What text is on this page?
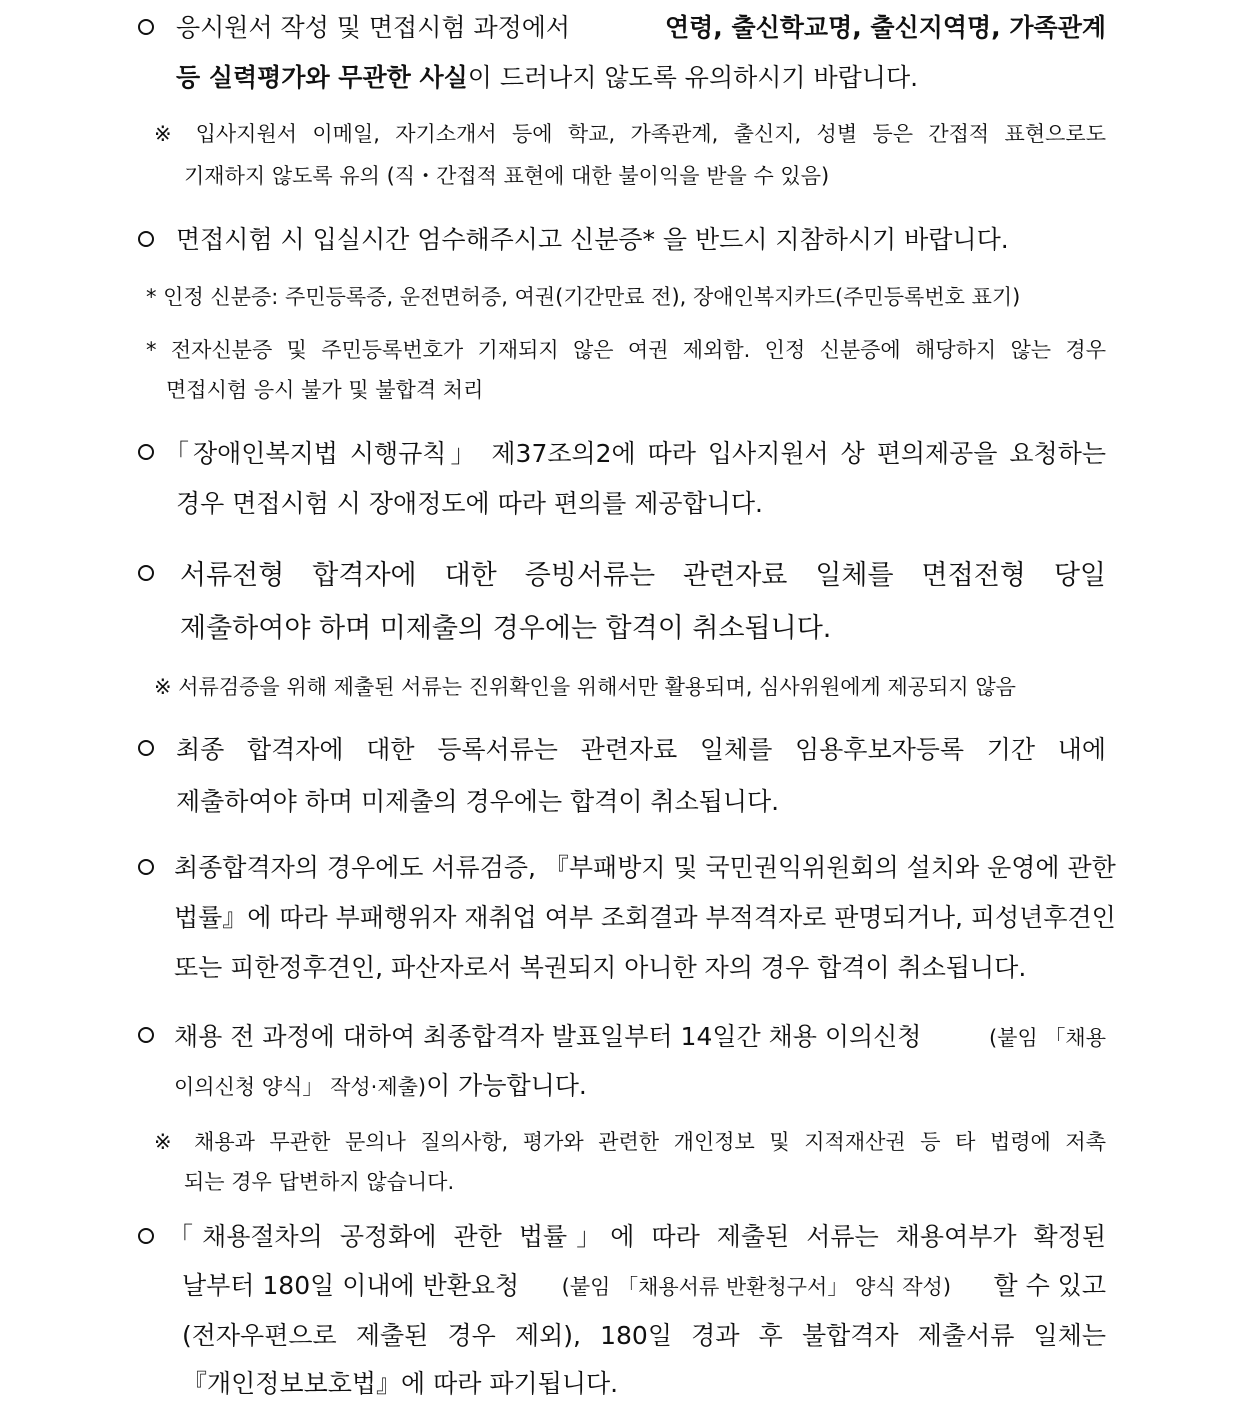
응시원서 작성 및 면접시험 과정에서	연령, 출신학교명, 출신지역명, 가족관계
등 실력평가와 무관한 사실이 드러나지 않도록 유의하시기 바랍니다.
※ 입사지원서 이메일, 자기소개서 등에 학교, 가족관계, 출신지, 성별 등은 간접적 표현으로도
기재하지 않도록 유의 (직・간접적 표현에 대한 불이익을 받을 수 있음)
면접시험 시 입실시간 엄수해주시고 신분증* 을 반드시 지참하시기 바랍니다.
* 인정 신분증: 주민등록증, 운전면허증, 여권(기간만료 전), 장애인복지카드(주민등록번호 표기)
* 전자신분증 및 주민등록번호가 기재되지 않은 여권 제외함. 인정 신분증에 해당하지 않는 경우
면접시험 응시 불가 및 불합격 처리
「장애인복지법 시행규칙」 제37조의2에 따라 입사지원서 상 편의제공을 요청하는
경우 면접시험 시 장애정도에 따라 편의를 제공합니다.
서류전형 합격자에 대한 증빙서류는 관련자료 일체를 면접전형 당일
제출하여야 하며 미제출의 경우에는 합격이 취소됩니다.
※ 서류검증을 위해 제출된 서류는 진위확인을 위해서만 활용되며, 심사위원에게 제공되지 않음
최종 합격자에 대한 등록서류는 관련자료 일체를 임용후보자등록 기간 내에
제출하여야 하며 미제출의 경우에는 합격이 취소됩니다.
최종합격자의 경우에도 서류검증, 『부패방지 및 국민권익위원회의 설치와 운영에 관한
법률』에 따라 부패행위자 재취업 여부 조회결과 부적격자로 판명되거나, 피성년후견인
또는 피한정후견인, 파산자로서 복권되지 아니한 자의 경우 합격이 취소됩니다.
채용 전 과정에 대하여 최종합격자 발표일부터 14일간 채용 이의신청	(붙임 「채용
이의신청 양식」 작성·제출)이 가능합니다.
※ 채용과 무관한 문의나 질의사항, 평가와 관련한 개인정보 및 지적재산권 등 타 법령에 저촉
되는 경우 답변하지 않습니다.
「채용절차의 공정화에 관한 법률」에 따라 제출된 서류는 채용여부가 확정된
날부터 180일 이내에 반환요청 (붙임 「채용서류 반환청구서」 양식 작성) 할 수 있고
(전자우편으로 제출된 경우 제외), 180일 경과 후 불합격자 제출서류 일체는
『개인정보보호법』에 따라 파기됩니다.
